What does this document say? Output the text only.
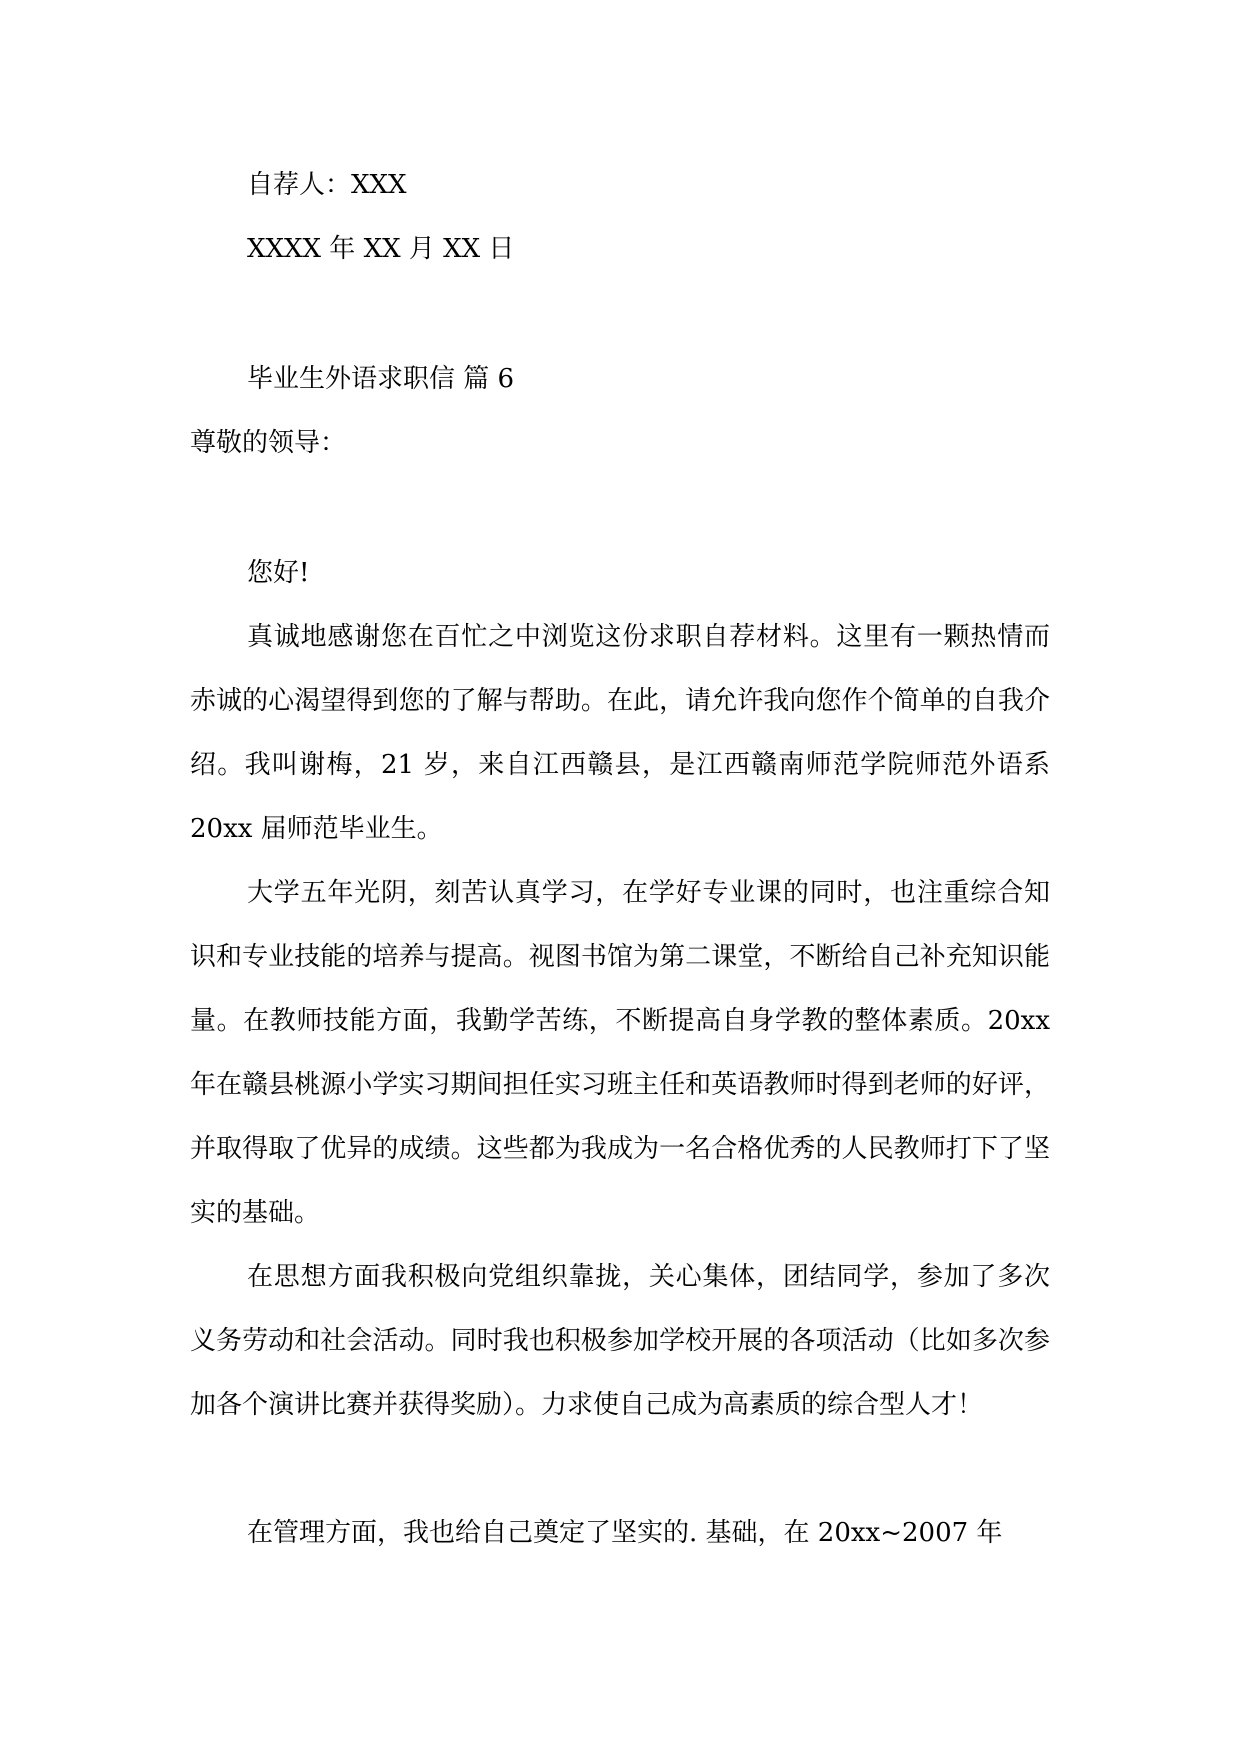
自荐人：XXX
XXXX 年 XX 月 XX 日
毕业生外语求职信 篇 6
尊敬的领导：
您好!

真诚地感谢您在百忙之中浏览这份求职自荐材料。这里有一颗热情而赤诚的心渴望得到您的了解与帮助。在此，请允许我向您作个简单的自我介绍。我叫谢梅，21 岁，来自江西赣县，是江西赣南师范学院师范外语系 20xx 届师范毕业生。

大学五年光阴，刻苦认真学习，在学好专业课的同时，也注重综合知识和专业技能的培养与提高。视图书馆为第二课堂，不断给自己补充知识能量。在教师技能方面，我勤学苦练，不断提高自身学教的整体素质。20xx 年在赣县桃源小学实习期间担任实习班主任和英语教师时得到老师的好评，并取得取了优异的成绩。这些都为我成为一名合格优秀的人民教师打下了坚实的基础。

在思想方面我积极向党组织靠拢，关心集体，团结同学，参加了多次义务劳动和社会活动。同时我也积极参加学校开展的各项活动（比如多次参加各个演讲比赛并获得奖励）。力求使自己成为高素质的综合型人才！

在管理方面，我也给自己奠定了坚实的. 基础，在 20xx~2007 年
